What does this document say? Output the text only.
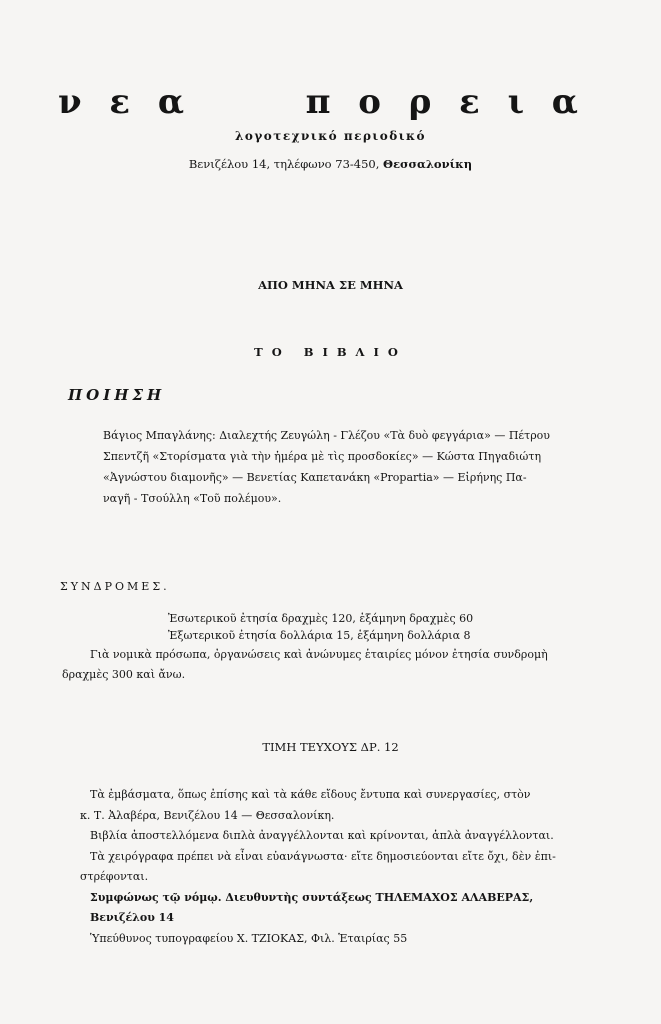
ν ε α	π ο ρ ε ι α
λογοτεχνικό περιοδικό
Βενιζέλου 14, τηλέφωνο 73-450, Θεσσαλονίκη
ΑΠΟ ΜΗΝΑ ΣΕ ΜΗΝΑ
ΤΟ ΒΙΒΛΙΟ
ΠΟΙΗΣΗ
Βάγιος Μπαγλάνης: Διαλεχτής Ζευγώλη - Γλέζου «Τὰ δυὸ φεγγάρια» — Πέτρου
Σπεντζῆ «Στορίσματα γιὰ τὴν ἡμέρα μὲ τὶς προσδοκίες» — Κώστα Πηγαδιώτη
«Ἀγνώστου διαμονῆς» — Βενετίας Καπετανάκη «Propartia» — Εἰρήνης Πα-
ναγῆ - Τσούλλη «Τοῦ πολέμου».
ΣΥΝΔΡΟΜΕΣ.
Ἐσωτερικοῦ ἐτησία δραχμὲς 120, ἑξάμηνη δραχμὲς 60
Ἐξωτερικοῦ ἐτησία δολλάρια 15, ἑξάμηνη δολλάρια 8
Γιὰ νομικὰ πρόσωπα, ὀργανώσεις καὶ ἀνώνυμες ἑταιρίες μόνον ἐτησία συνδρομὴ
δραχμὲς 300 καὶ ἄνω.
ΤΙΜΗ ΤΕΥΧΟΥΣ ΔΡ. 12

Τὰ ἐμβάσματα, ὅπως ἐπίσης καὶ τὰ κάθε εἴδους ἔντυπα καὶ συνεργασίες, στὸν

κ. Τ. Ἀλαβέρα, Βενιζέλου 14 — Θεσσαλονίκη.

Βιβλία ἀποστελλόμενα διπλὰ ἀναγγέλλονται καὶ κρίνονται, ἁπλὰ ἀναγγέλλονται.

Τὰ χειρόγραφα πρέπει νὰ εἶναι εὐανάγνωστα· εἴτε δημοσιεύονται εἴτε ὄχι, δὲν ἐπι-

στρέφονται.

Συμφώνως τῷ νόμῳ. Διευθυντὴς συντάξεως ΤΗΛΕΜΑΧΟΣ ΑΛΑΒΕΡΑΣ, Βενιζέλου 14

Ὑπεύθυνος τυπογραφείου Χ. ΤΖΙΟΚΑΣ, Φιλ. Ἑταιρίας 55
